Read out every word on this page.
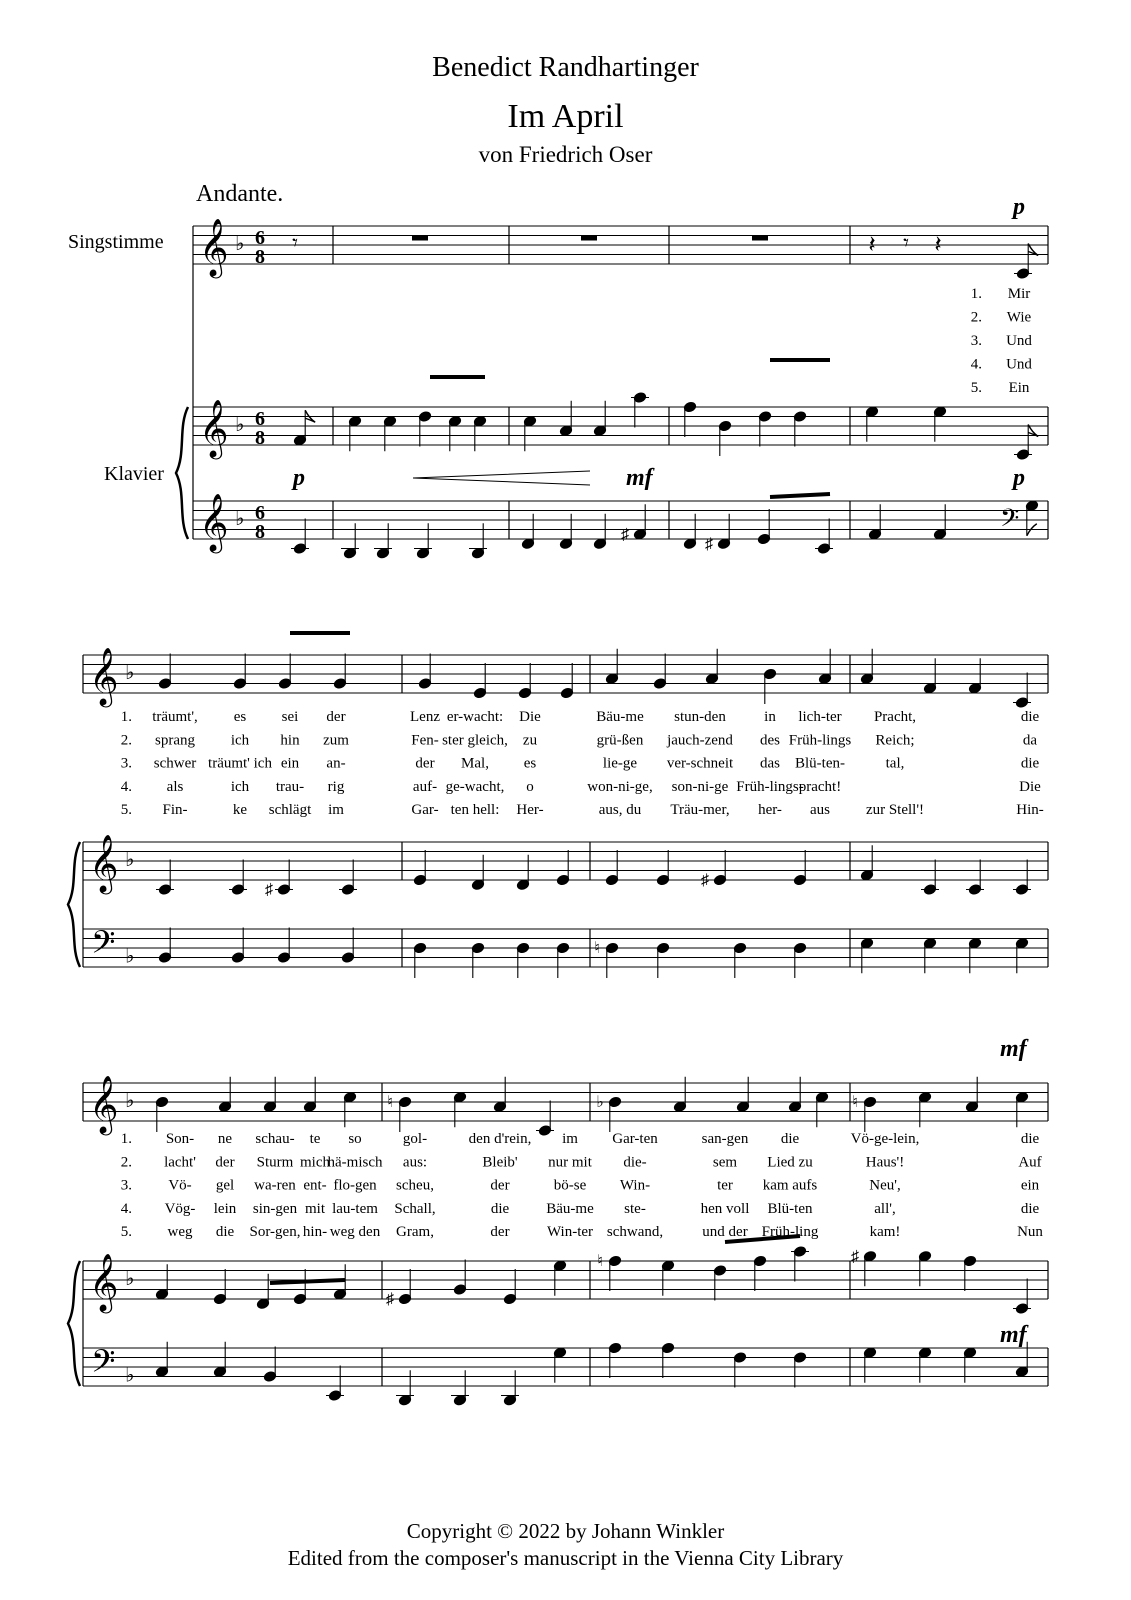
Benedict Randhartinger
Im April
von Friedrich Oser
Andante.
Singstimme
Klavier
p
p	mf	p
mf
mf
𝄞
𝄞
𝄞
♭
♭
♭
6
8
6
8
6
8
𝄾	𝄽 𝄾 𝄽
1. Mir
2. Wie
3. Und
4. Und
5. Ein
♯
♯
𝄢
𝄞
𝄞
𝄢
♭
♭
♭
♯
♯
♮
1. träumt', es sei der	Lenz er-wacht: Die	Bäu-me stun-den	in lich-ter Pracht,	die
2. sprang ich hin zum	Fen- ster gleich, zu	grü-ßen jauch-zend des Früh-lings Reich;	da
3. schwer träumt' ich ein an-	der Mal, es	lie-ge ver-schneit das Blü-ten-	tal,	die
4. als	ich trau- rig	auf- ge-wacht, o	won-ni-ge, son-ni-ge Früh-lings-
pracht!	Die
5. Fin-	ke schlägt im	Gar- ten hell: Her-	aus, du Träu-mer, her- aus zur Stell'!	Hin-
𝄞
𝄞
𝄢
♭
♭
♭
♮	♭	♮
♯
♮	♯
1. Son- ne schau- te so	gol-	den d'rein, im Gar-ten	san-gen die	Vö-ge-lein,	die
2. lacht' der Sturm mich
hä-misch aus:	Bleib' nur mit die-	sem Lied zu	Haus'!	Auf
3. Vö- gel wa-ren ent- flo-gen scheu,	der	bö-se Win-	ter kam aufs	Neu',	ein
4. Vög- lein sin-gen mit lau-tem Schall,	die Bäu-me ste-	hen voll Blü-ten	all',	die
5. weg die Sor-gen, hin- weg den Gram,	der Win-ter schwand,	und der Früh-ling	kam!	Nun
Copyright © 2022 by Johann Winkler
Edited from the composer's manuscript in the Vienna City Library
